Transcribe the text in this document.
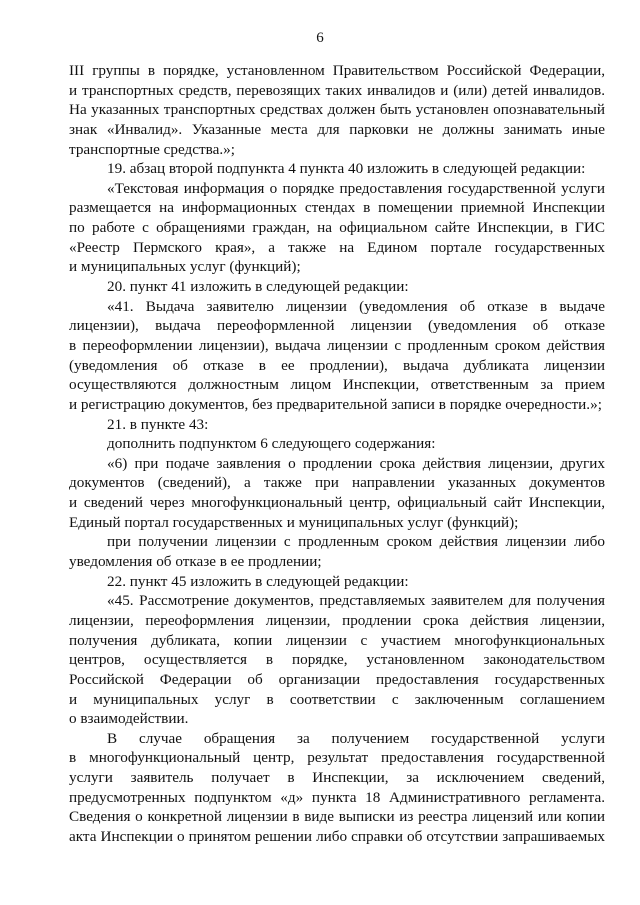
6
III группы в порядке, установленном Правительством Российской Федерации,
и транспортных средств, перевозящих таких инвалидов и (или) детей инвалидов.
На указанных транспортных средствах должен быть установлен опознавательный
знак «Инвалид». Указанные места для парковки не должны занимать иные
транспортные средства.»;
19. абзац второй подпункта 4 пункта 40 изложить в следующей редакции:
«Текстовая информация о порядке предоставления государственной услуги
размещается на информационных стендах в помещении приемной Инспекции
по работе с обращениями граждан, на официальном сайте Инспекции, в ГИС
«Реестр Пермского края», а также на Едином портале государственных
и муниципальных услуг (функций);
20. пункт 41 изложить в следующей редакции:
«41. Выдача заявителю лицензии (уведомления об отказе в выдаче
лицензии), выдача переоформленной лицензии (уведомления об отказе
в переоформлении лицензии), выдача лицензии с продленным сроком действия
(уведомления об отказе в ее продлении), выдача дубликата лицензии
осуществляются должностным лицом Инспекции, ответственным за прием
и регистрацию документов, без предварительной записи в порядке очередности.»;
21. в пункте 43:
дополнить подпунктом 6 следующего содержания:
«6) при подаче заявления о продлении срока действия лицензии, других
документов (сведений), а также при направлении указанных документов
и сведений через многофункциональный центр, официальный сайт Инспекции,
Единый портал государственных и муниципальных услуг (функций);
при получении лицензии с продленным сроком действия лицензии либо
уведомления об отказе в ее продлении;
22. пункт 45 изложить в следующей редакции:
«45. Рассмотрение документов, представляемых заявителем для получения
лицензии, переоформления лицензии, продлении срока действия лицензии,
получения дубликата, копии лицензии с участием многофункциональных
центров, осуществляется в порядке, установленном законодательством
Российской Федерации об организации предоставления государственных
и муниципальных услуг в соответствии с заключенным соглашением
о взаимодействии.
В случае обращения за получением государственной услуги
в многофункциональный центр, результат предоставления государственной
услуги заявитель получает в Инспекции, за исключением сведений,
предусмотренных подпунктом «д» пункта 18 Административного регламента.
Сведения о конкретной лицензии в виде выписки из реестра лицензий или копии
акта Инспекции о принятом решении либо справки об отсутствии запрашиваемых
